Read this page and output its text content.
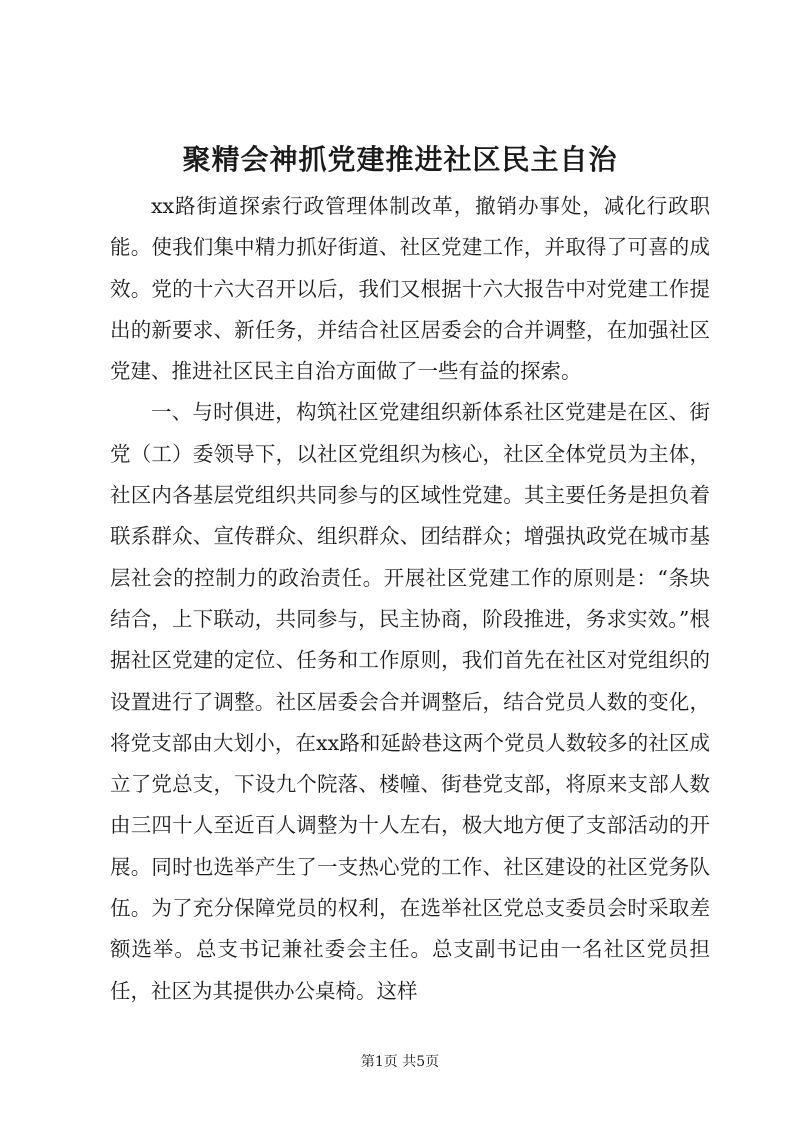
聚精会神抓党建推进社区民主自治

xx路街道探索行政管理体制改革，撤销办事处，减化行政职能。使我们集中精力抓好街道、社区党建工作，并取得了可喜的成效。党的十六大召开以后，我们又根据十六大报告中对党建工作提出的新要求、新任务，并结合社区居委会的合并调整，在加强社区党建、推进社区民主自治方面做了一些有益的探索。

一、与时俱进，构筑社区党建组织新体系社区党建是在区、街党（工）委领导下，以社区党组织为核心，社区全体党员为主体，社区内各基层党组织共同参与的区域性党建。其主要任务是担负着联系群众、宣传群众、组织群众、团结群众；增强执政党在城市基层社会的控制力的政治责任。开展社区党建工作的原则是：“条块结合，上下联动，共同参与，民主协商，阶段推进，务求实效。”根据社区党建的定位、任务和工作原则，我们首先在社区对党组织的设置进行了调整。社区居委会合并调整后，结合党员人数的变化，将党支部由大划小，在xx路和延龄巷这两个党员人数较多的社区成立了党总支，下设九个院落、楼幢、街巷党支部，将原来支部人数由三四十人至近百人调整为十人左右，极大地方便了支部活动的开展。同时也选举产生了一支热心党的工作、社区建设的社区党务队伍。为了充分保障党员的权利，在选举社区党总支委员会时采取差额选举。总支书记兼社委会主任。总支副书记由一名社区党员担任，社区为其提供办公桌椅。这样

第1页 共5页
